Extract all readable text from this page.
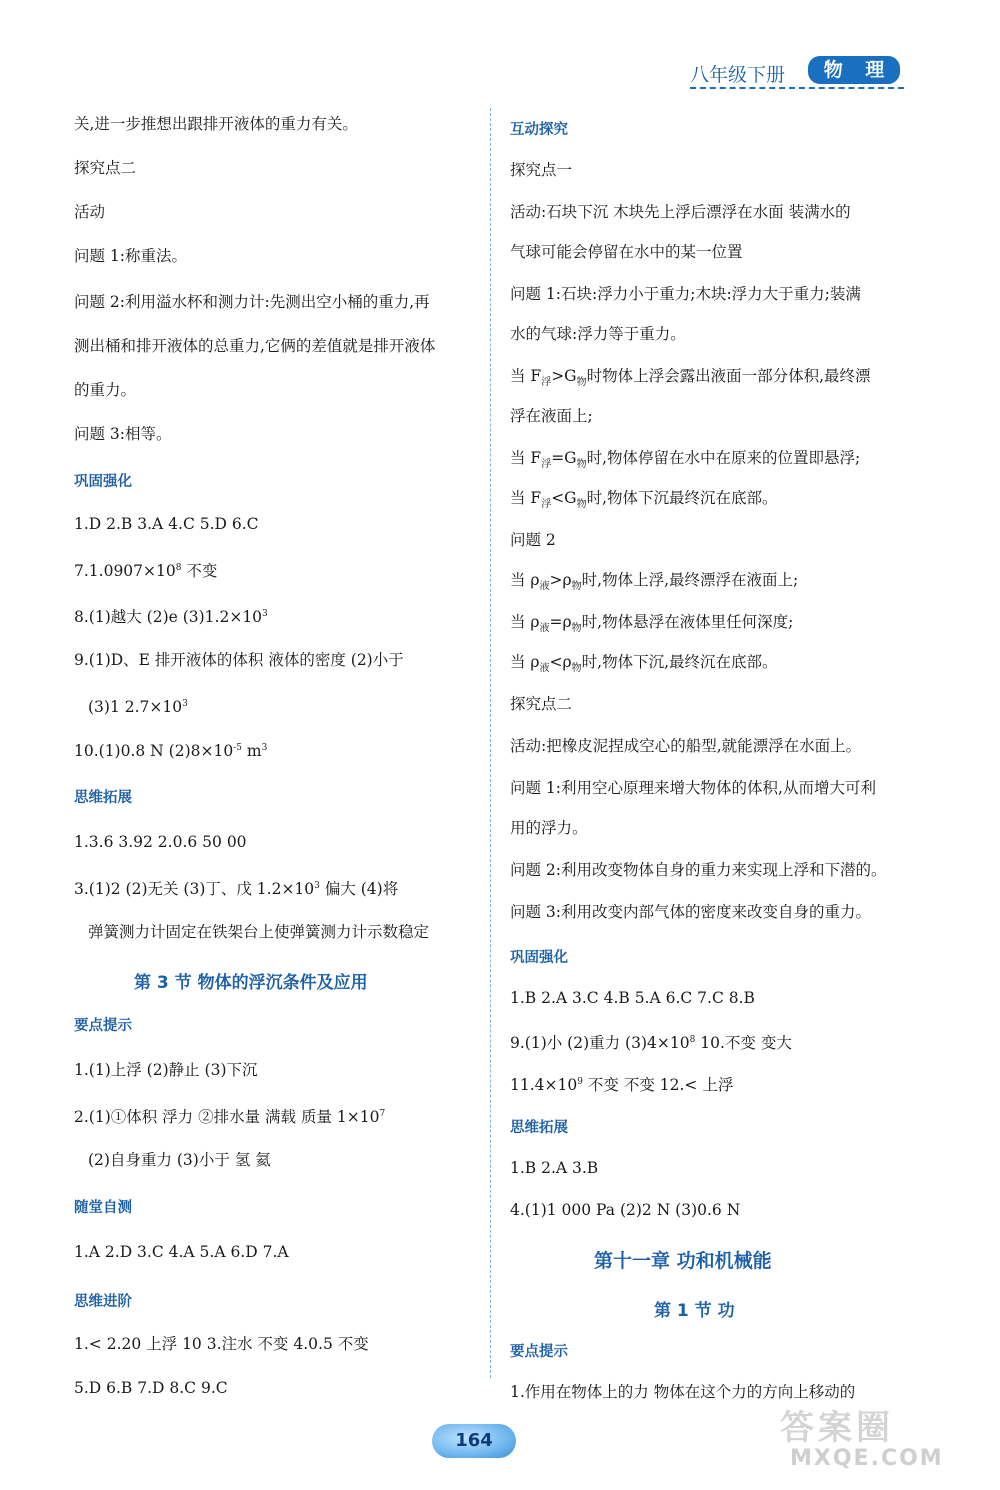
八年级下册	物 理
关,进一步推想出跟排开液体的重力有关。
探究点二
活动
问题 1:称重法。
问题 2:利用溢水杯和测力计:先测出空小桶的重力,再
测出桶和排开液体的总重力,它俩的差值就是排开液体
的重力。
问题 3:相等。
巩固强化
1.D 2.B 3.A 4.C 5.D 6.C
$7.1.0907\times 10^8$ 不变
8.(1)越大 (2)e $(3)1.2\times 10^3$
9.(1)D、E 排开液体的体积 液体的密度 (2)小于
(3)1 $2.7\times 10^3$
10.(1)0.8 N $(2)8\times 10^{-5}$ $m^3$
思维拓展
1.3.6 3.92 2.0.6 50 00
3.(1)2 (2)无关 (3)丁、戊 $1.2\times 10^3$ 偏大 (4)将
弹簧测力计固定在铁架台上使弹簧测力计示数稳定
第 3 节 物体的浮沉条件及应用
要点提示
1.(1)上浮 (2)静止 (3)下沉
2.(1)①体积 浮力 ②排水量 满载 质量 $1\times 10^7$
(2)自身重力 (3)小于 氢 氦
随堂自测
1.A 2.D 3.C 4.A 5.A 6.D 7.A
思维进阶
1.< 2.20 上浮 10 3.注水 不变 4.0.5 不变
5.D 6.B 7.D 8.C 9.C
互动探究
探究点一
活动:石块下沉 木块先上浮后漂浮在水面 装满水的
气球可能会停留在水中的某一位置
问题 1:石块:浮力小于重力;木块:浮力大于重力;装满
水的气球:浮力等于重力。
当 $F_浮>G_物$时物体上浮会露出液面一部分体积,最终漂
浮在液面上;
当 $F_浮=G_物$时,物体停留在水中在原来的位置即悬浮;
当 $F_浮<G_物$时,物体下沉最终沉在底部。
问题 2
当 $\rho_液>\rho_物$时,物体上浮,最终漂浮在液面上;
当 $\rho_液=\rho_物$时,物体悬浮在液体里任何深度;
当 $\rho_液<\rho_物$时,物体下沉,最终沉在底部。
探究点二
活动:把橡皮泥捏成空心的船型,就能漂浮在水面上。
问题 1:利用空心原理来增大物体的体积,从而增大可利
用的浮力。
问题 2:利用改变物体自身的重力来实现上浮和下潜的。
问题 3:利用改变内部气体的密度来改变自身的重力。
巩固强化
1.B 2.A 3.C 4.B 5.A 6.C 7.C 8.B
9.(1)小 (2)重力 $(3)4\times 10^8$ 10.不变 变大
$11.4\times 10^9$ 不变 不变 12.< 上浮
思维拓展
1.B 2.A 3.B
4.(1)1 000 Pa (2)2 N (3)0.6 N
第十一章 功和机械能
第 1 节 功
要点提示
1.作用在物体上的力 物体在这个力的方向上移动的
164	答案圈
MXQE.COM
